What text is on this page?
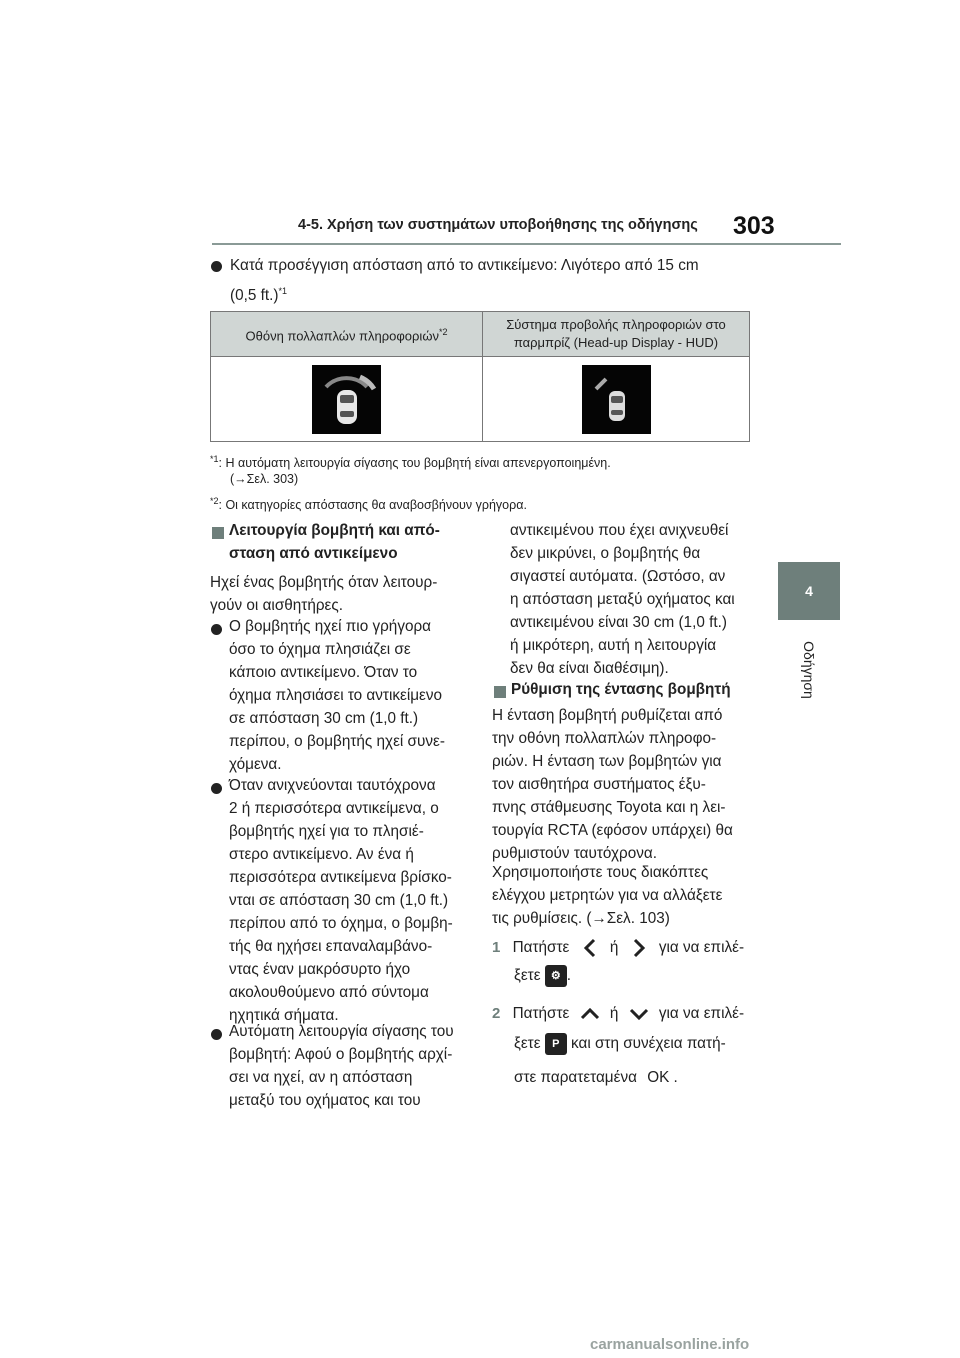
4-5. Χρήση των συστημάτων υποβοήθησης της οδήγησης 303
4
Οδήγηση
Κατά προσέγγιση απόσταση από το αντικείμενο: Λιγότερο από 15 cm
(0,5 ft.)$^{*1}$
Οθόνη πολλαπλών πληροφοριών$^{*2}$	Σύστημα προβολής πληροφοριών στο
παρμπρίζ (Head-up Display - HUD)

$^{*1}$: Η αυτόματη λειτουργία σίγασης του βομβητή είναι απενεργοποιημένη.
(→Σελ. 303)
$^{*2}$: Οι κατηγορίες απόστασης θα αναβοσβήνουν γρήγορα.
Λειτουργία βομβητή και από-
σταση από αντικείμενο
Ηχεί ένας βομβητής όταν λειτουρ-
γούν οι αισθητήρες.
Ο βομβητής ηχεί πιο γρήγορα
όσο το όχημα πλησιάζει σε
κάποιο αντικείμενο. Όταν το
όχημα πλησιάσει το αντικείμενο
σε απόσταση 30 cm (1,0 ft.)
περίπου, ο βομβητής ηχεί συνε-
χόμενα.
Όταν ανιχνεύονται ταυτόχρονα
2 ή περισσότερα αντικείμενα, ο
βομβητής ηχεί για το πλησιέ-
στερο αντικείμενο. Αν ένα ή
περισσότερα αντικείμενα βρίσκο-
νται σε απόσταση 30 cm (1,0 ft.)
περίπου από το όχημα, ο βομβη-
τής θα ηχήσει επαναλαμβάνο-
ντας έναν μακρόσυρτο ήχο
ακολουθούμενο από σύντομα
ηχητικά σήματα.
Αυτόματη λειτουργία σίγασης του
βομβητή: Αφού ο βομβητής αρχί-
σει να ηχεί, αν η απόσταση
μεταξύ του οχήματος και του
αντικειμένου που έχει ανιχνευθεί
δεν μικρύνει, ο βομβητής θα
σιγαστεί αυτόματα. (Ωστόσο, αν
η απόσταση μεταξύ οχήματος και
αντικειμένου είναι 30 cm (1,0 ft.)
ή μικρότερη, αυτή η λειτουργία
δεν θα είναι διαθέσιμη).
Ρύθμιση της έντασης βομβητή
Η ένταση βομβητή ρυθμίζεται από
την οθόνη πολλαπλών πληροφο-
ριών. Η ένταση των βομβητών για
τον αισθητήρα συστήματος έξυ-
πνης στάθμευσης Toyota και η λει-
τουργία RCTA (εφόσον υπάρχει) θα
ρυθμιστούν ταυτόχρονα.
Χρησιμοποιήστε τους διακόπτες
ελέγχου μετρητών για να αλλάξετε
τις ρυθμίσεις. (→Σελ. 103)
1 Πατήστε	ή	για να επιλέ-
ξετε ⚙ .
2 Πατήστε	ή	για να επιλέ-
ξετε P και στη συνέχεια πατή-
στε παρατεταμένα OK .
carmanualsonline.info
